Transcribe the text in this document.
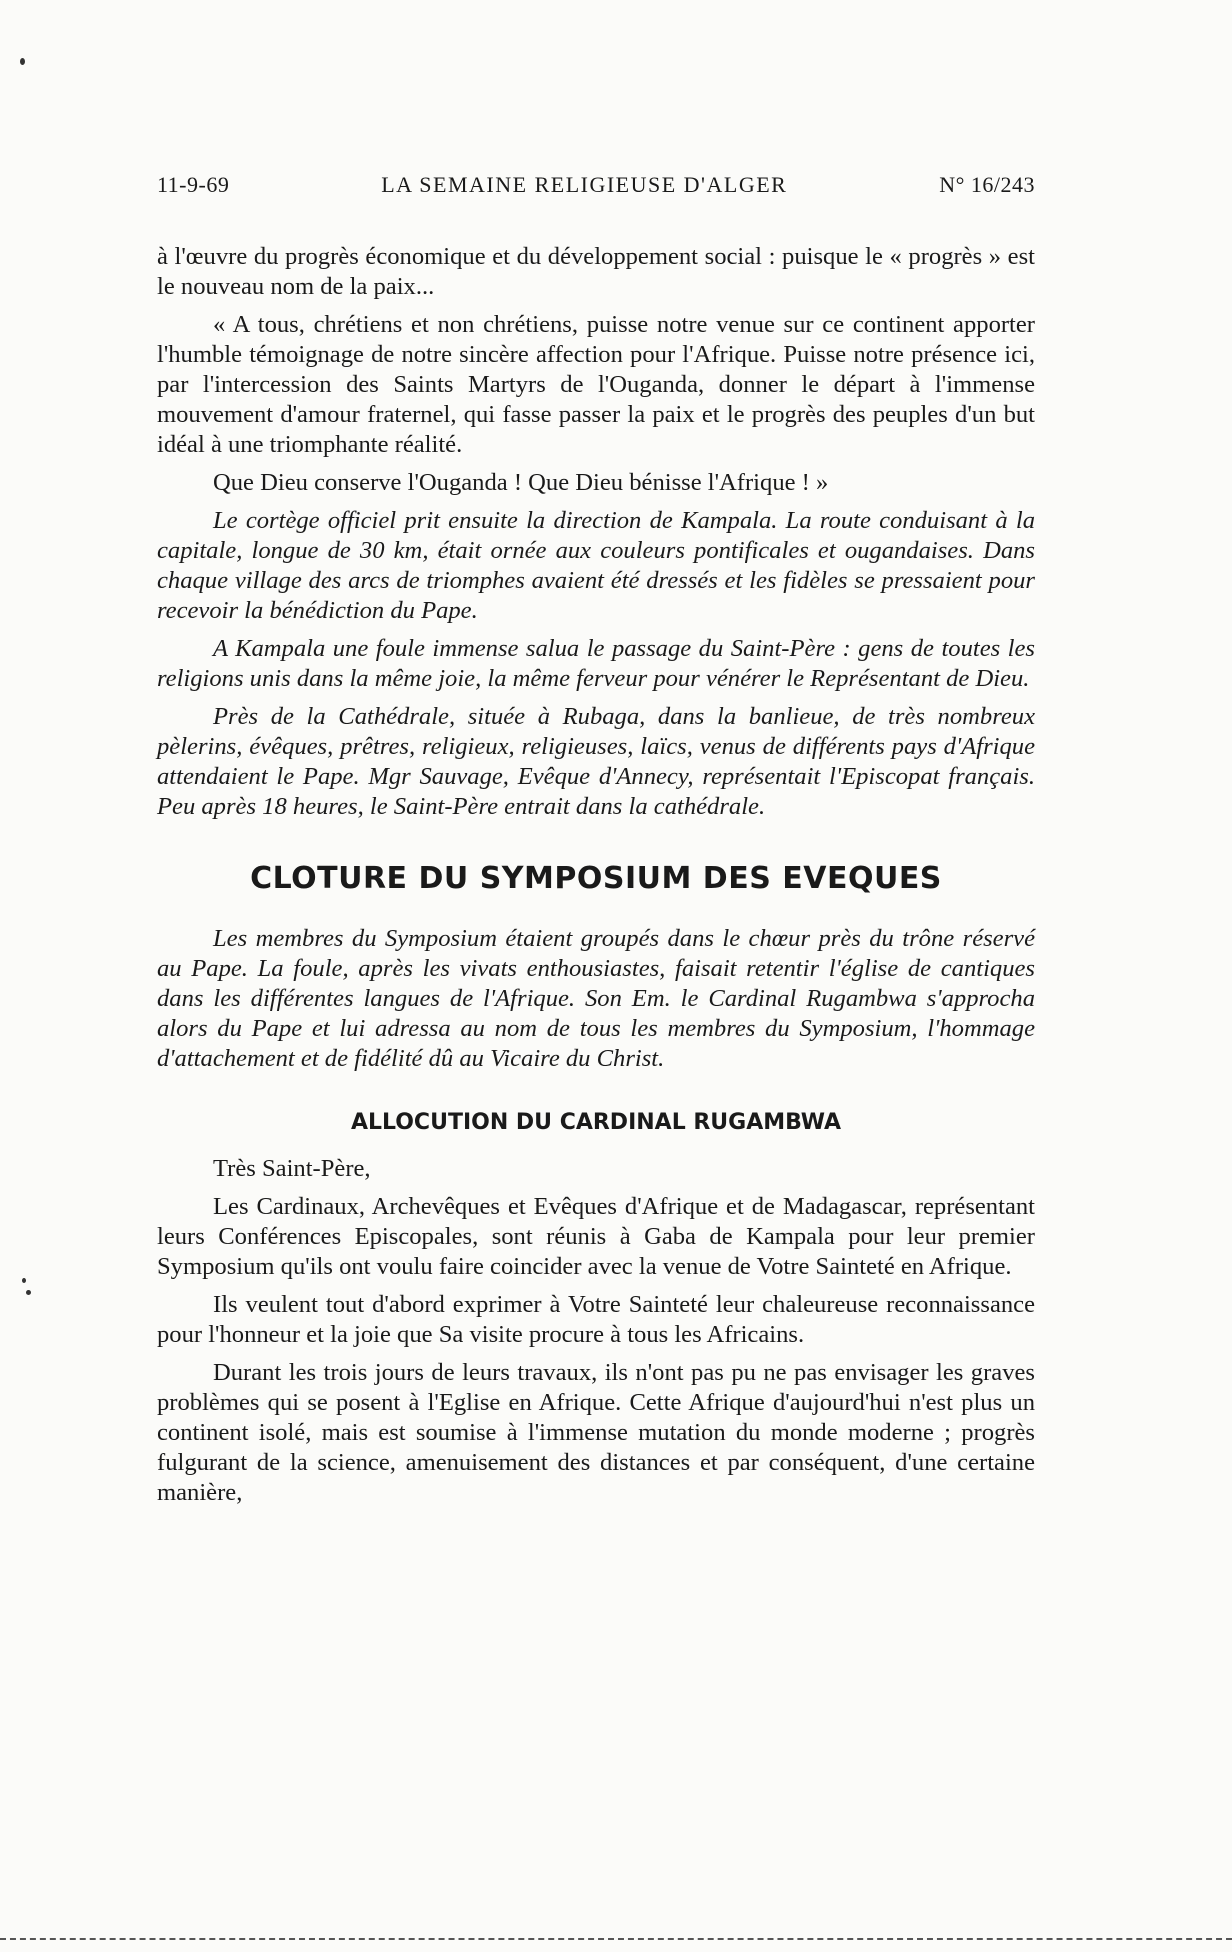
11-9-69	LA SEMAINE RELIGIEUSE D'ALGER	N° 16/243

à l'œuvre du progrès économique et du développement social : puisque le « progrès » est le nouveau nom de la paix...

« A tous, chrétiens et non chrétiens, puisse notre venue sur ce continent apporter l'humble témoignage de notre sincère affection pour l'Afrique. Puisse notre présence ici, par l'intercession des Saints Martyrs de l'Ouganda, donner le départ à l'immense mouvement d'amour fraternel, qui fasse passer la paix et le progrès des peuples d'un but idéal à une triomphante réalité.

Que Dieu conserve l'Ouganda ! Que Dieu bénisse l'Afrique ! »

Le cortège officiel prit ensuite la direction de Kampala. La route conduisant à la capitale, longue de 30 km, était ornée aux couleurs pontificales et ougandaises. Dans chaque village des arcs de triomphes avaient été dressés et les fidèles se pressaient pour recevoir la bénédiction du Pape.

A Kampala une foule immense salua le passage du Saint-Père : gens de toutes les religions unis dans la même joie, la même ferveur pour vénérer le Représentant de Dieu.

Près de la Cathédrale, située à Rubaga, dans la banlieue, de très nombreux pèlerins, évêques, prêtres, religieux, religieuses, laïcs, venus de différents pays d'Afrique attendaient le Pape. Mgr Sauvage, Evêque d'Annecy, représentait l'Episcopat français. Peu après 18 heures, le Saint-Père entrait dans la cathédrale.

CLOTURE DU SYMPOSIUM DES EVEQUES

Les membres du Symposium étaient groupés dans le chœur près du trône réservé au Pape. La foule, après les vivats enthousiastes, faisait retentir l'église de cantiques dans les différentes langues de l'Afrique. Son Em. le Cardinal Rugambwa s'approcha alors du Pape et lui adressa au nom de tous les membres du Symposium, l'hommage d'attachement et de fidélité dû au Vicaire du Christ.

ALLOCUTION DU CARDINAL RUGAMBWA

Très Saint-Père,

Les Cardinaux, Archevêques et Evêques d'Afrique et de Madagascar, représentant leurs Conférences Episcopales, sont réunis à Gaba de Kampala pour leur premier Symposium qu'ils ont voulu faire coincider avec la venue de Votre Sainteté en Afrique.

Ils veulent tout d'abord exprimer à Votre Sainteté leur chaleureuse reconnaissance pour l'honneur et la joie que Sa visite procure à tous les Africains.

Durant les trois jours de leurs travaux, ils n'ont pas pu ne pas envisager les graves problèmes qui se posent à l'Eglise en Afrique. Cette Afrique d'aujourd'hui n'est plus un continent isolé, mais est soumise à l'immense mutation du monde moderne ; progrès fulgurant de la science, amenuisement des distances et par conséquent, d'une certaine manière,
